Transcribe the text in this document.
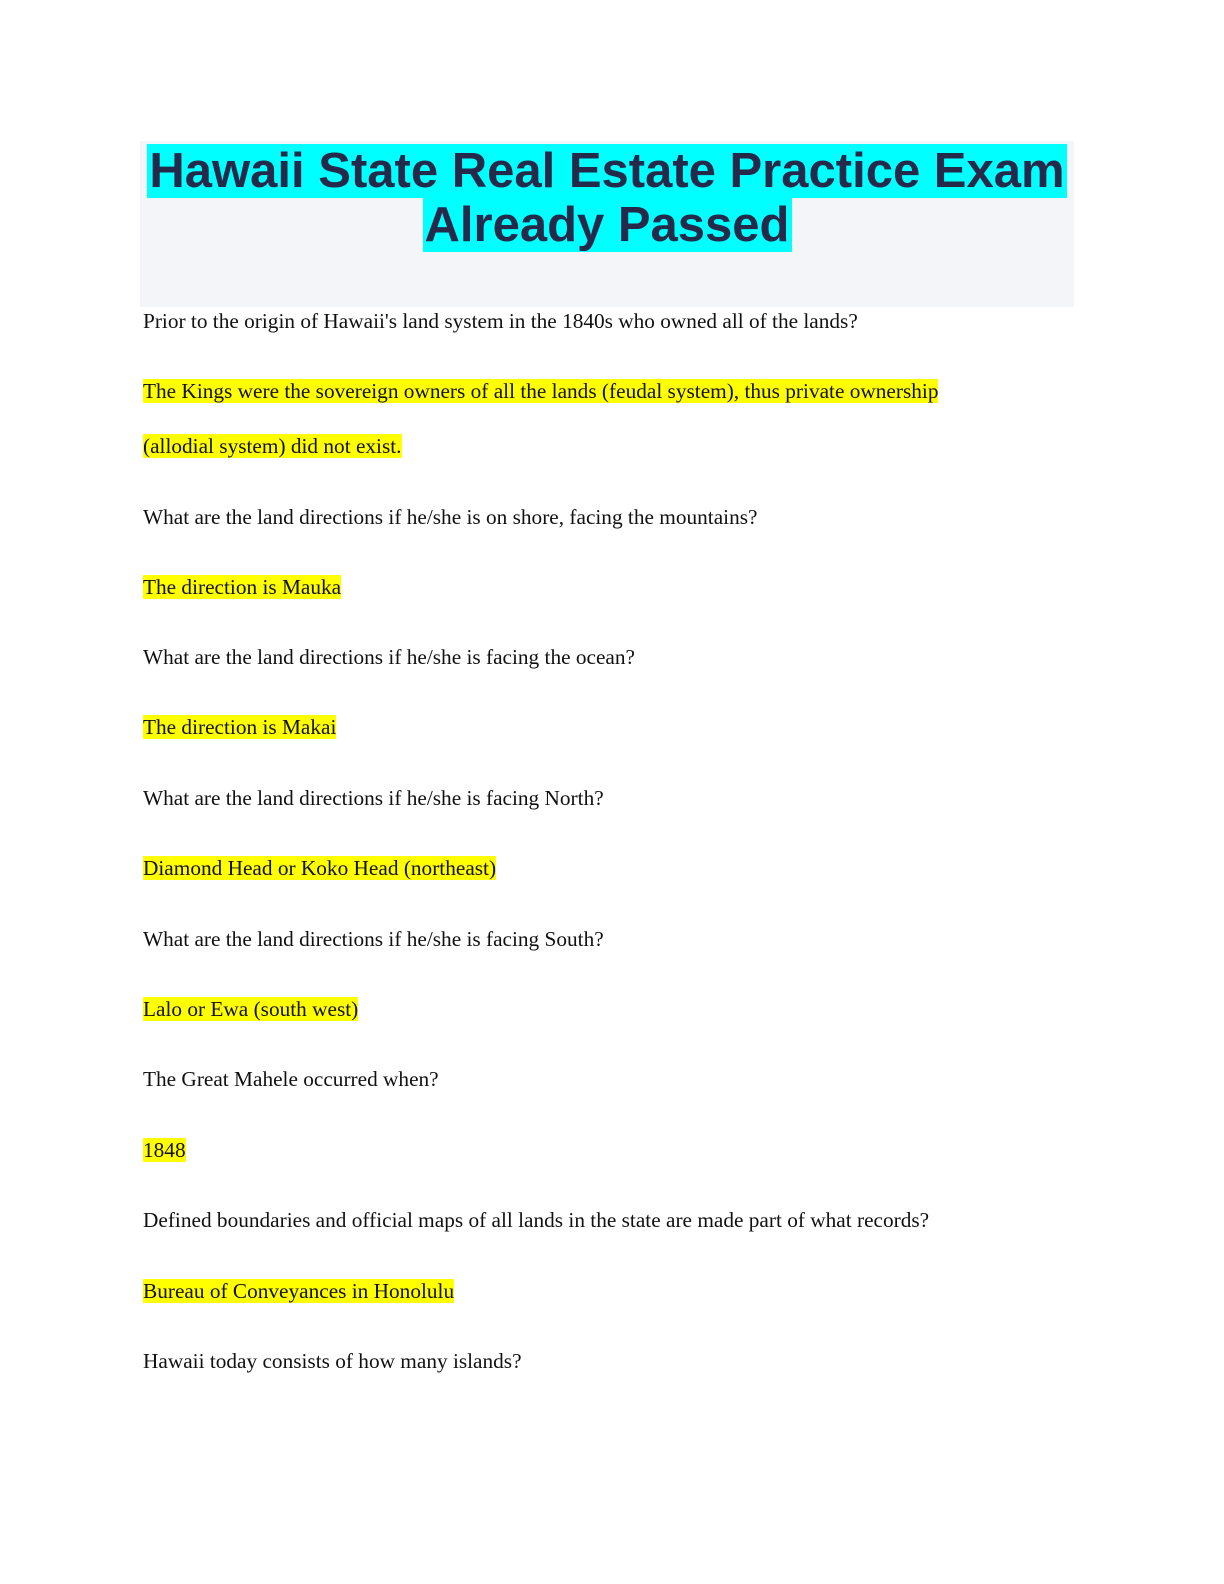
Hawaii State Real Estate Practice Exam
Already Passed
Prior to the origin of Hawaii's land system in the 1840s who owned all of the lands?
The Kings were the sovereign owners of all the lands (feudal system), thus private ownership
(allodial system) did not exist.
What are the land directions if he/she is on shore, facing the mountains?
The direction is Mauka
What are the land directions if he/she is facing the ocean?
The direction is Makai
What are the land directions if he/she is facing North?
Diamond Head or Koko Head (northeast)
What are the land directions if he/she is facing South?
Lalo or Ewa (south west)
The Great Mahele occurred when?
1848
Defined boundaries and official maps of all lands in the state are made part of what records?
Bureau of Conveyances in Honolulu
Hawaii today consists of how many islands?
